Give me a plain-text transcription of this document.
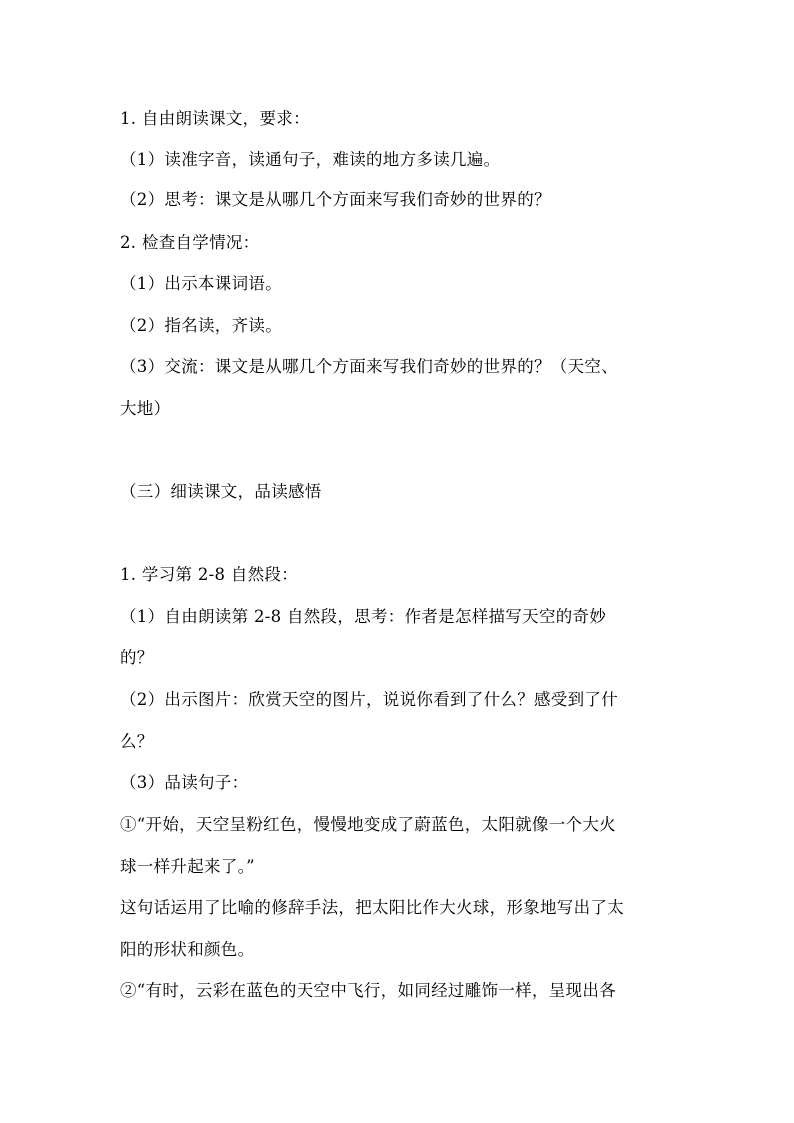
1. 自由朗读课文，要求：
（1）读准字音，读通句子，难读的地方多读几遍。
（2）思考：课文是从哪几个方面来写我们奇妙的世界的？
2. 检查自学情况：
（1）出示本课词语。
（2）指名读，齐读。
（3）交流：课文是从哪几个方面来写我们奇妙的世界的？（天空、
大地）
（三）细读课文，品读感悟
1. 学习第 2-8 自然段：
（1）自由朗读第 2-8 自然段，思考：作者是怎样描写天空的奇妙
的？
（2）出示图片：欣赏天空的图片，说说你看到了什么？感受到了什
么？
（3）品读句子：
①“开始，天空呈粉红色，慢慢地变成了蔚蓝色，太阳就像一个大火
球一样升起来了。”
这句话运用了比喻的修辞手法，把太阳比作大火球，形象地写出了太
阳的形状和颜色。
②“有时，云彩在蓝色的天空中飞行，如同经过雕饰一样，呈现出各
